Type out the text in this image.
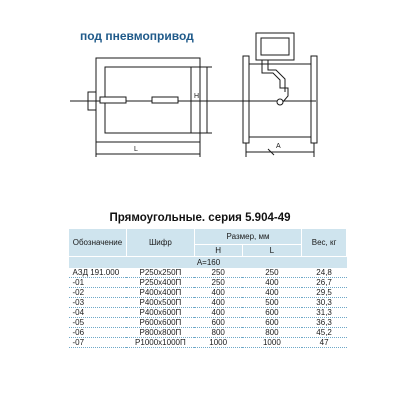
под пневмопривод
H
L	A
Прямоугольные. серия 5.904-49
Обозначение	Шифр	Размер, мм		Вес, кг
		H	L	
А=160				
АЗД 191.000	Р250х250П	250	250	24,8
-01	Р250х400П	250	400	26,7
-02	Р400х400П	400	400	29,5
-03	Р400х500П	400	500	30,3
-04	Р400х600П	400	600	31,3
-05	Р600х600П	600	600	36,3
-06	Р800х800П	800	800	45,2
-07	Р1000х1000П	1000	1000	47
